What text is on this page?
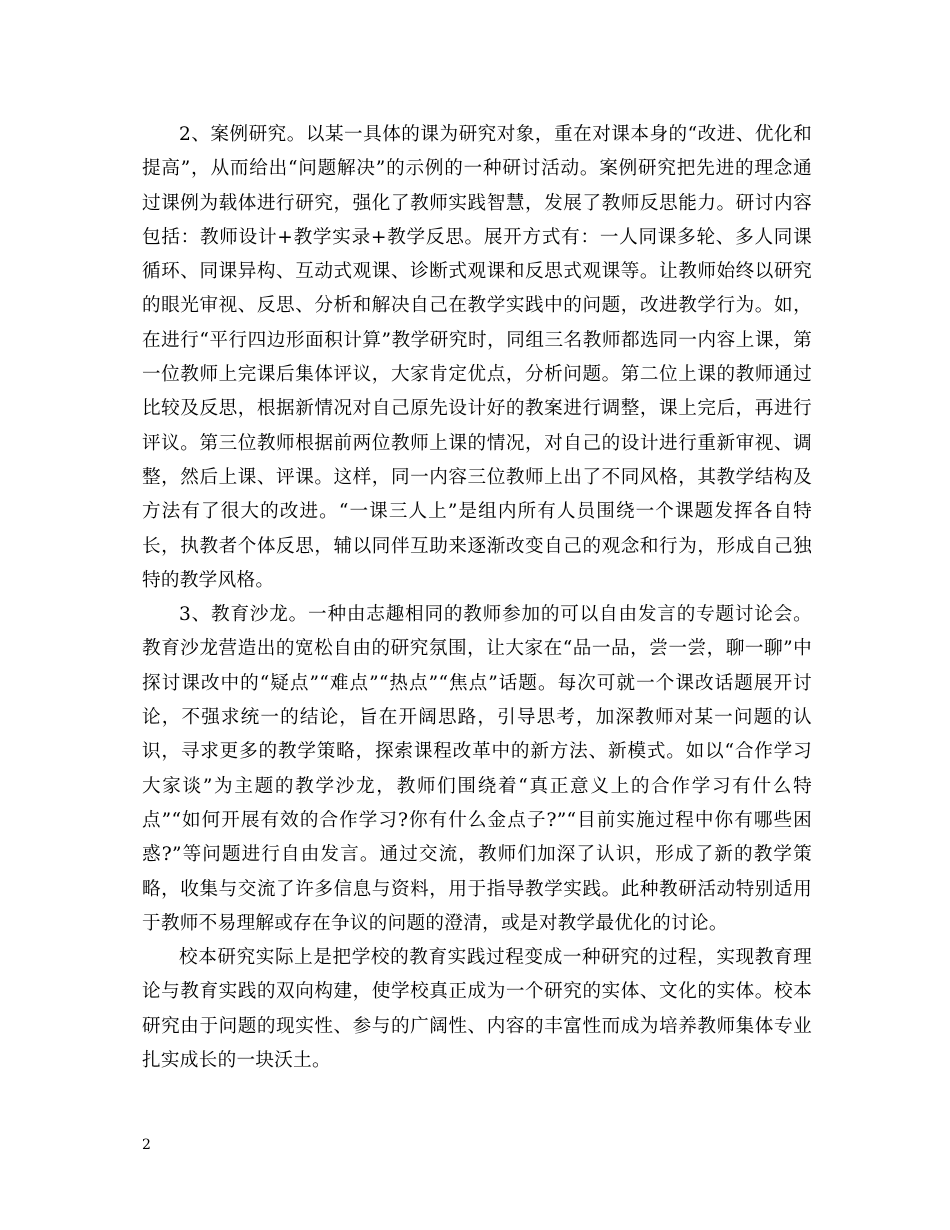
2、案例研究。以某一具体的课为研究对象，重在对课本身的“改进、优化和提高”，从而给出“问题解决”的示例的一种研讨活动。案例研究把先进的理念通过课例为载体进行研究，强化了教师实践智慧，发展了教师反思能力。研讨内容包括：教师设计+教学实录+教学反思。展开方式有：一人同课多轮、多人同课循环、同课异构、互动式观课、诊断式观课和反思式观课等。让教师始终以研究的眼光审视、反思、分析和解决自己在教学实践中的问题，改进教学行为。如，在进行“平行四边形面积计算”教学研究时，同组三名教师都选同一内容上课，第一位教师上完课后集体评议，大家肯定优点，分析问题。第二位上课的教师通过比较及反思，根据新情况对自己原先设计好的教案进行调整，课上完后，再进行评议。第三位教师根据前两位教师上课的情况，对自己的设计进行重新审视、调整，然后上课、评课。这样，同一内容三位教师上出了不同风格，其教学结构及方法有了很大的改进。“一课三人上”是组内所有人员围绕一个课题发挥各自特长，执教者个体反思，辅以同伴互助来逐渐改变自己的观念和行为，形成自己独特的教学风格。

3、教育沙龙。一种由志趣相同的教师参加的可以自由发言的专题讨论会。教育沙龙营造出的宽松自由的研究氛围，让大家在“品一品，尝一尝，聊一聊”中探讨课改中的“疑点”“难点”“热点”“焦点”话题。每次可就一个课改话题展开讨论，不强求统一的结论，旨在开阔思路，引导思考，加深教师对某一问题的认识，寻求更多的教学策略，探索课程改革中的新方法、新模式。如以“合作学习大家谈”为主题的教学沙龙，教师们围绕着“真正意义上的合作学习有什么特点”“如何开展有效的合作学习?你有什么金点子?”“目前实施过程中你有哪些困惑?”等问题进行自由发言。通过交流，教师们加深了认识，形成了新的教学策略，收集与交流了许多信息与资料，用于指导教学实践。此种教研活动特别适用于教师不易理解或存在争议的问题的澄清，或是对教学最优化的讨论。

校本研究实际上是把学校的教育实践过程变成一种研究的过程，实现教育理论与教育实践的双向构建，使学校真正成为一个研究的实体、文化的实体。校本研究由于问题的现实性、参与的广阔性、内容的丰富性而成为培养教师集体专业扎实成长的一块沃土。

2
